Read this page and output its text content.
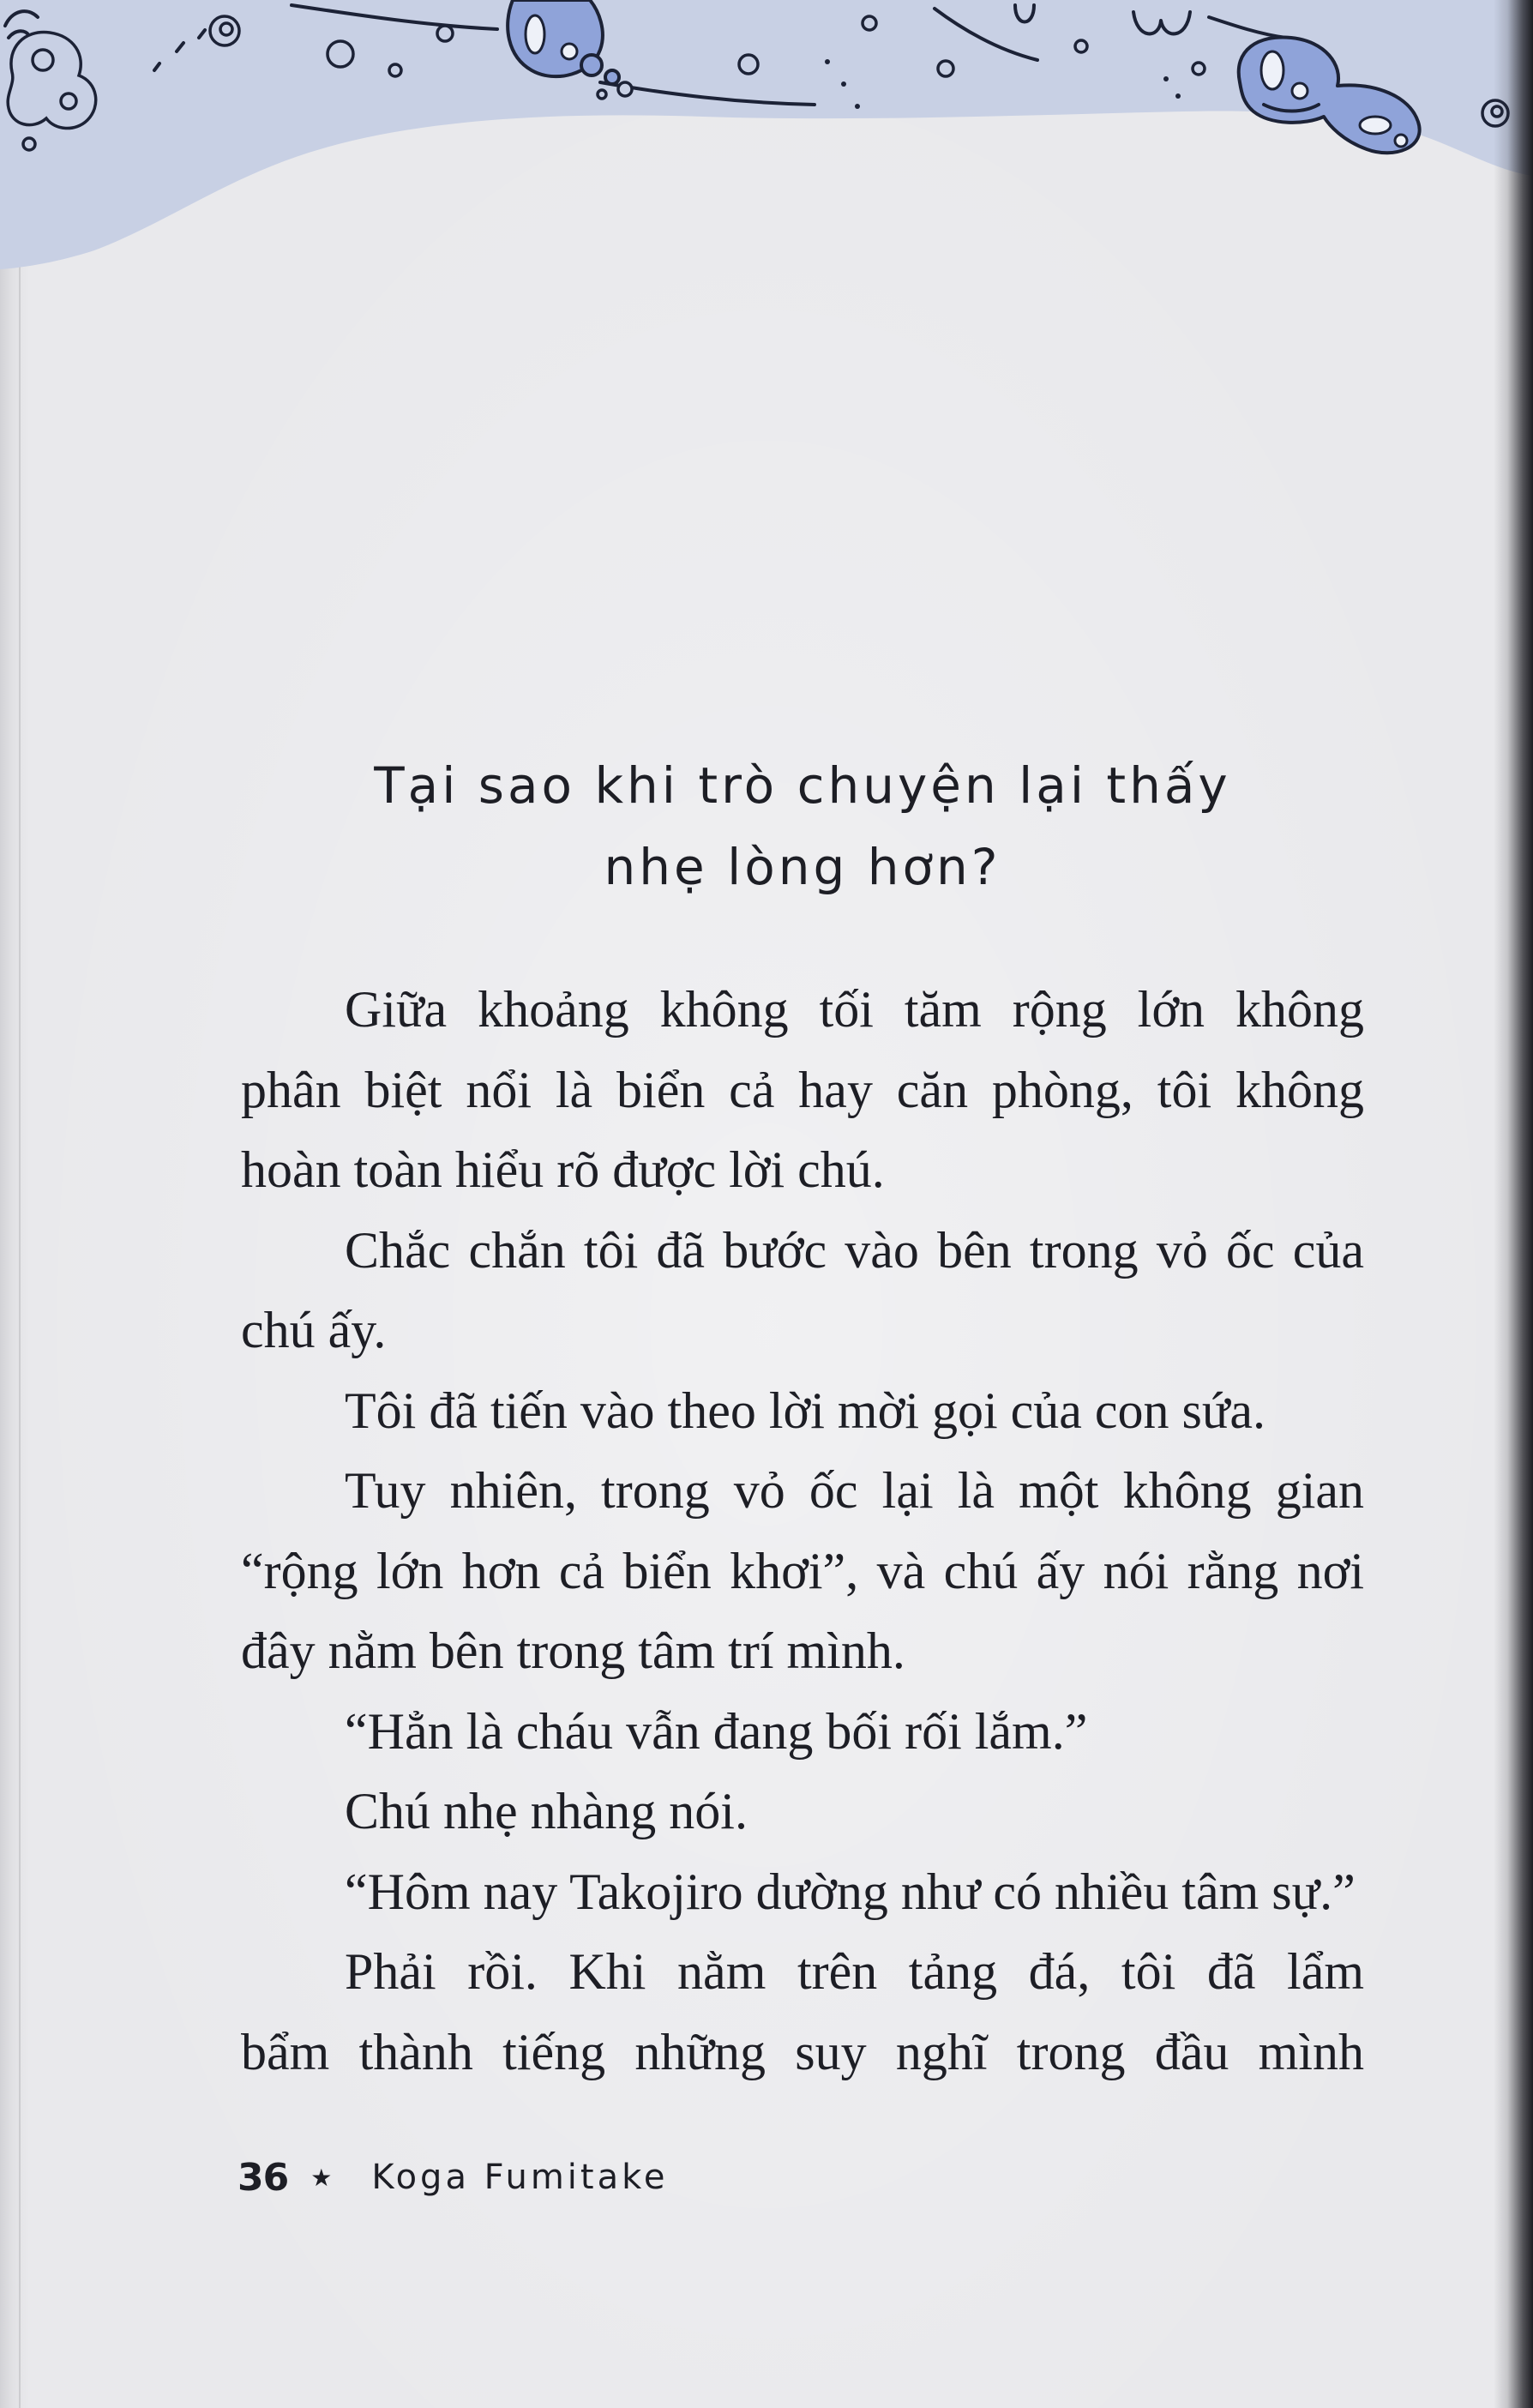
Tại sao khi trò chuyện lại thấy
nhẹ lòng hơn?
Giữa khoảng không tối tăm rộng lớn không
phân biệt nổi là biển cả hay căn phòng, tôi không
hoàn toàn hiểu rõ được lời chú.
Chắc chắn tôi đã bước vào bên trong vỏ ốc của
chú ấy.
Tôi đã tiến vào theo lời mời gọi của con sứa.
Tuy nhiên, trong vỏ ốc lại là một không gian
“rộng lớn hơn cả biển khơi”, và chú ấy nói rằng nơi
đây nằm bên trong tâm trí mình.
“Hẳn là cháu vẫn đang bối rối lắm.”
Chú nhẹ nhàng nói.
“Hôm nay Takojiro dường như có nhiều tâm sự.”
Phải rồi. Khi nằm trên tảng đá, tôi đã lẩm
bẩm thành tiếng những suy nghĩ trong đầu mình
36 ★ Koga Fumitake
